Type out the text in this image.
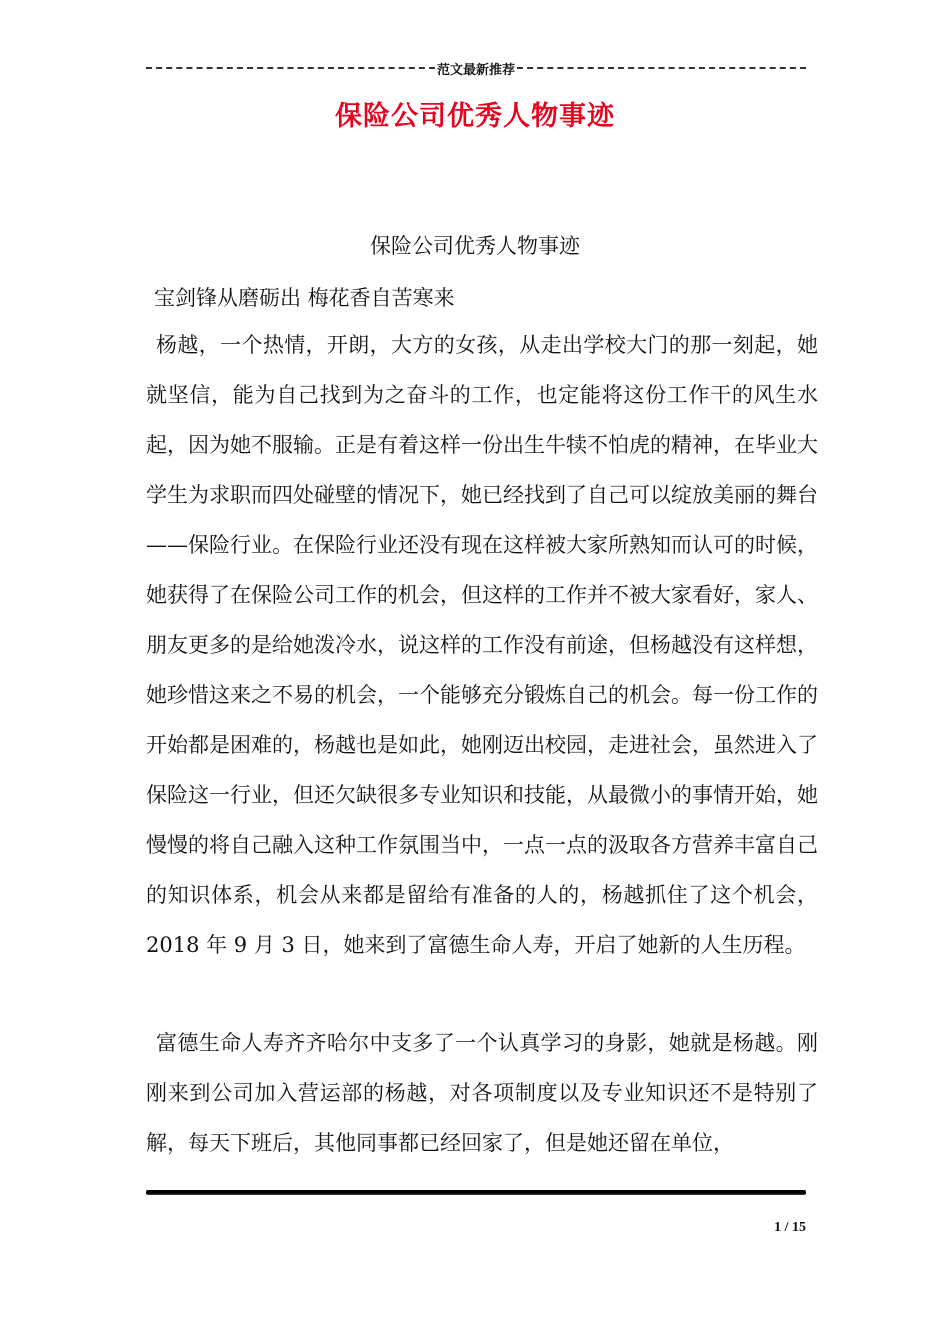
范文最新推荐
保险公司优秀人物事迹
保险公司优秀人物事迹
宝剑锋从磨砺出 梅花香自苦寒来

杨越，一个热情，开朗，大方的女孩，从走出学校大门的那一刻起，她就坚信，能为自己找到为之奋斗的工作，也定能将这份工作干的风生水起，因为她不服输。正是有着这样一份出生牛犊不怕虎的精神，在毕业大学生为求职而四处碰壁的情况下，她已经找到了自己可以绽放美丽的舞台——保险行业。在保险行业还没有现在这样被大家所熟知而认可的时候，她获得了在保险公司工作的机会，但这样的工作并不被大家看好，家人、朋友更多的是给她泼冷水，说这样的工作没有前途，但杨越没有这样想，她珍惜这来之不易的机会，一个能够充分锻炼自己的机会。每一份工作的开始都是困难的，杨越也是如此，她刚迈出校园，走进社会，虽然进入了保险这一行业，但还欠缺很多专业知识和技能，从最微小的事情开始，她慢慢的将自己融入这种工作氛围当中，一点一点的汲取各方营养丰富自己的知识体系，机会从来都是留给有准备的人的，杨越抓住了这个机会，2018 年 9 月 3 日，她来到了富德生命人寿，开启了她新的人生历程。

富德生命人寿齐齐哈尔中支多了一个认真学习的身影，她就是杨越。刚刚来到公司加入营运部的杨越，对各项制度以及专业知识还不是特别了解，每天下班后，其他同事都已经回家了，但是她还留在单位，

1 / 15
